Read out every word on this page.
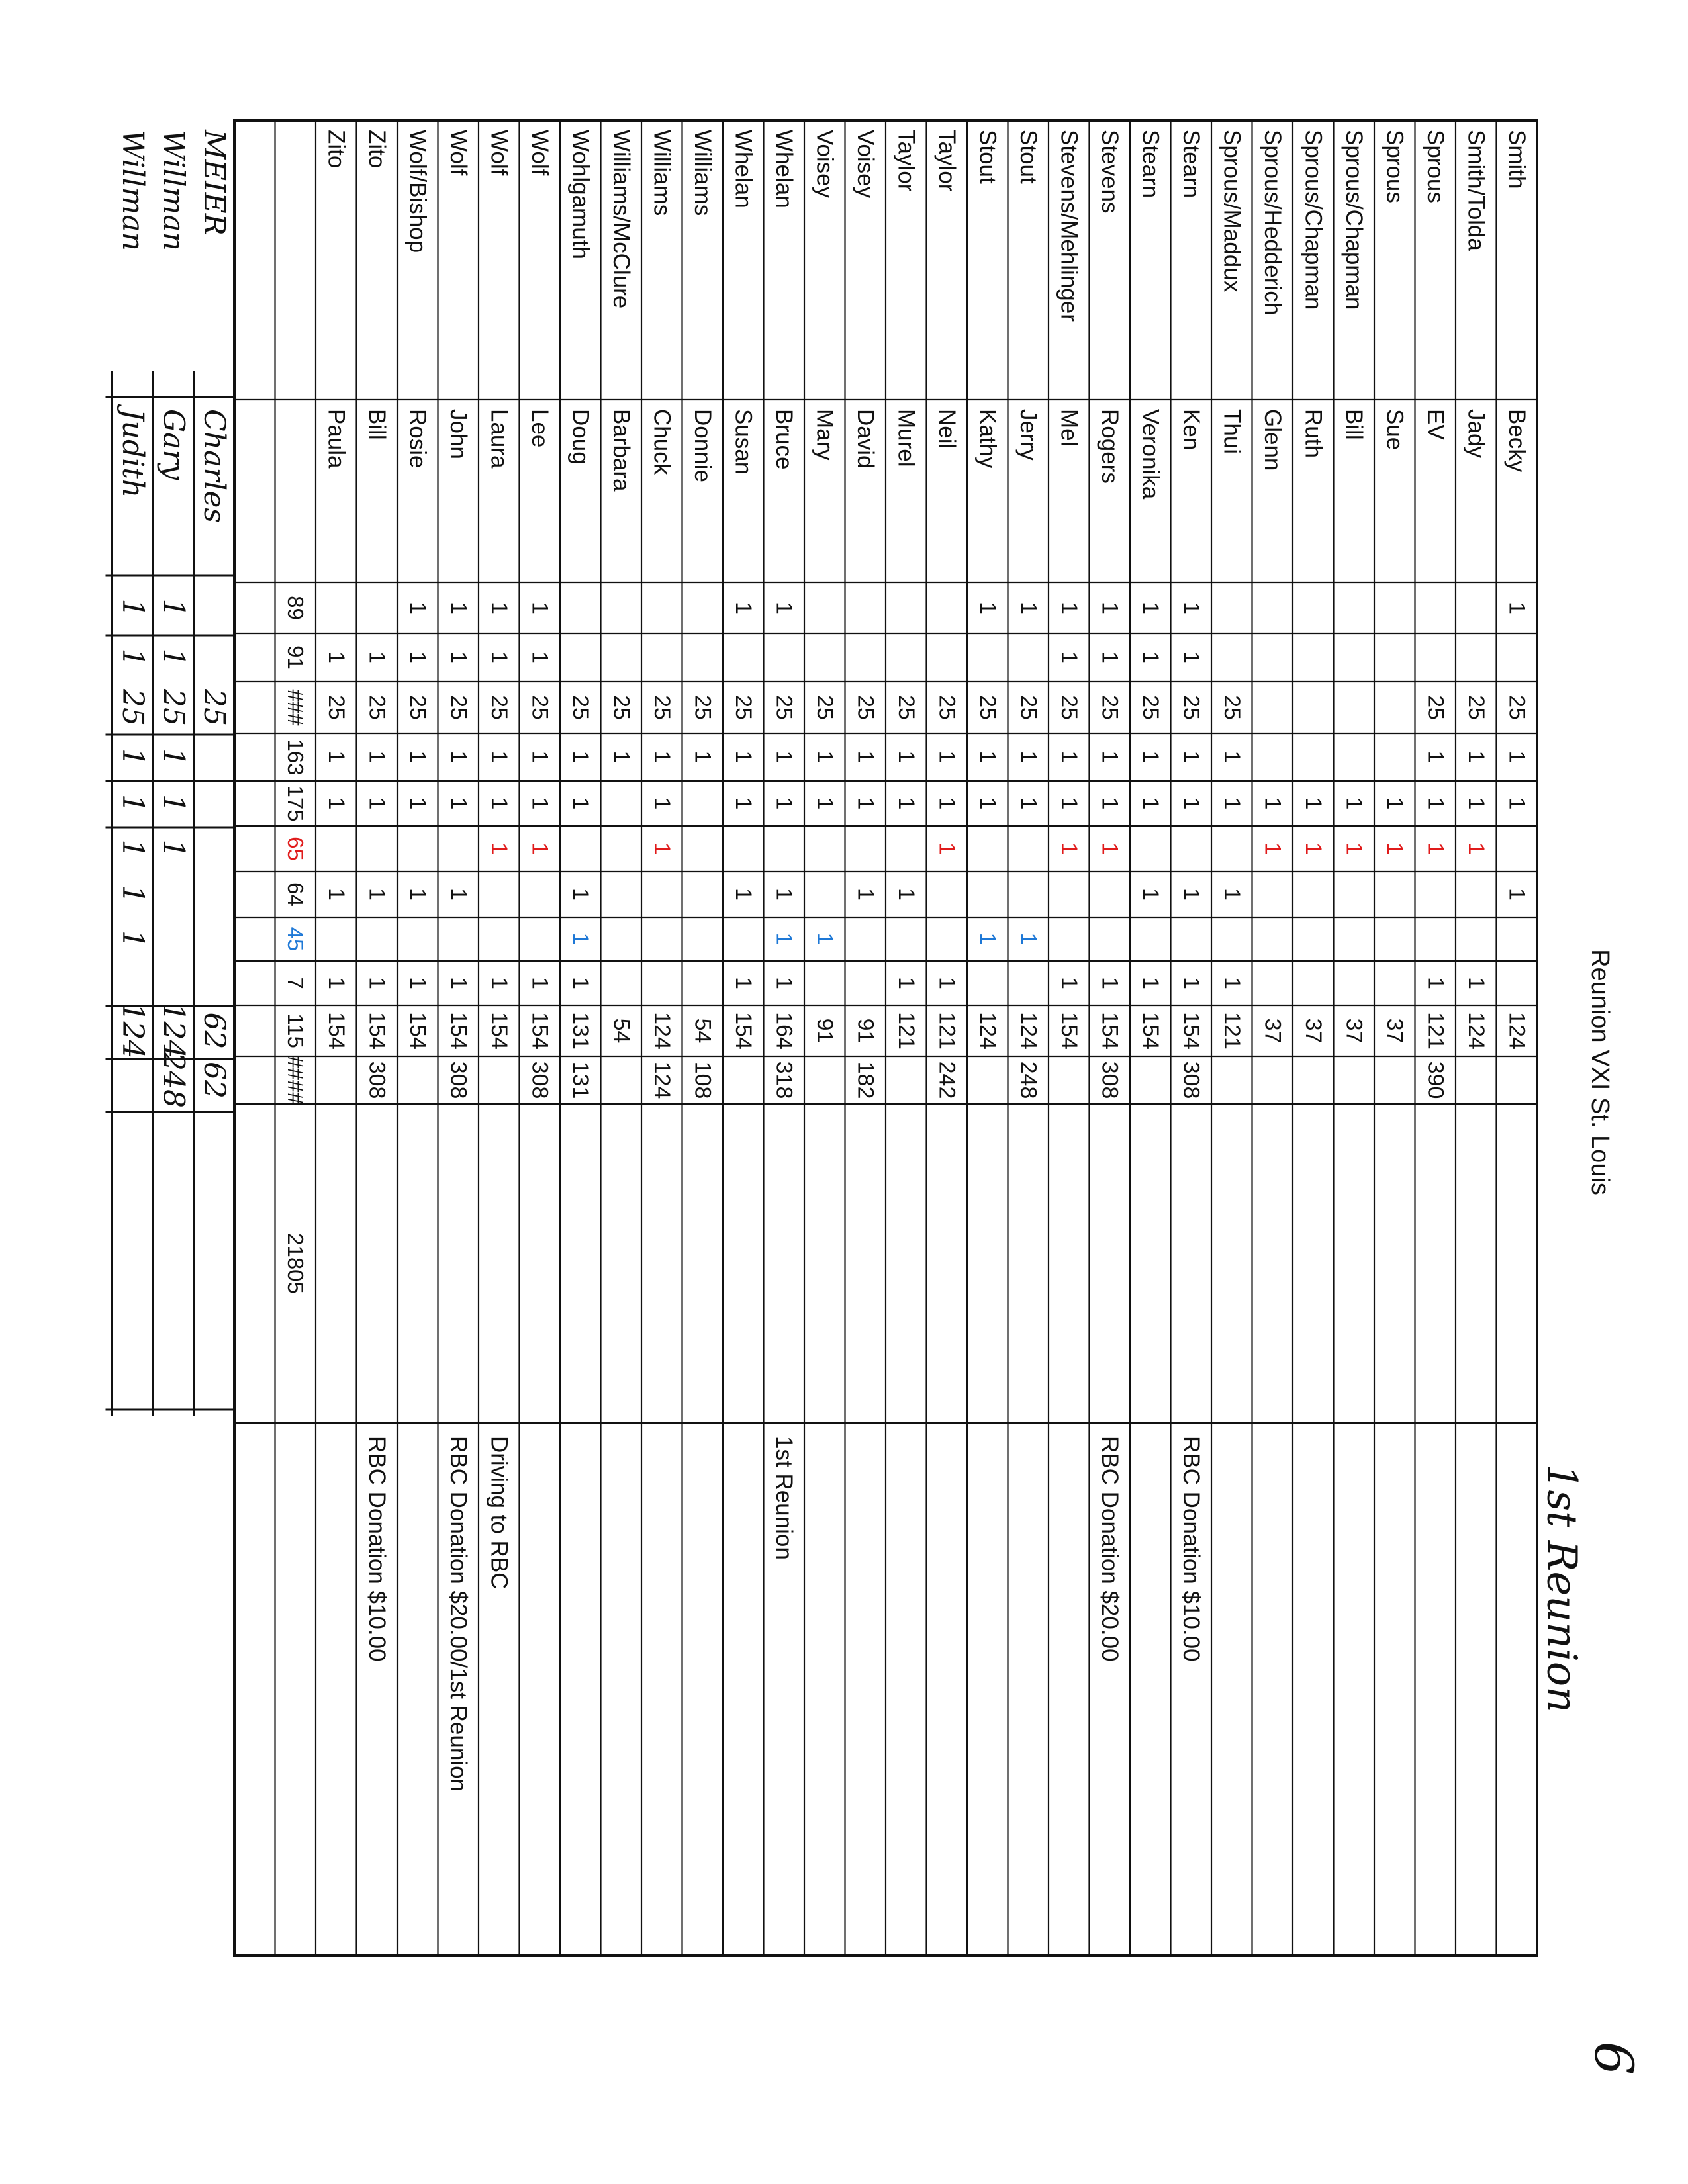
Reunion VXI St. Louis
6
Smith
Becky
1
25
1
1
1
124
Smith/Tolda
Jady
25
1
1
1
1
124
Sprous
EV
25
1
1
1
1
121
390
Sprous
Sue
1
1
37
Sprous/Chapman
Bill
1
1
37
Sprous/Chapman
Ruth
1
1
37
Sprous/Hedderich
Glenn
1
1
37
Sprous/Maddux
Thui
25
1
1
1
1
121
Stearn
Ken
1
1
25
1
1
1
1
154
308
RBC Donation $10.00
Stearn
Veronika
1
1
25
1
1
1
1
154
Stevens
Rogers
1
1
25
1
1
1
1
154
308
RBC Donation $20.00
Stevens/Mehlinger
Mel
1
1
25
1
1
1
1
154
Stout
Jerry
1
25
1
1
1
124
248
Stout
Kathy
1
25
1
1
1
124
Taylor
Neil
25
1
1
1
1
121
242
Taylor
Murel
25
1
1
1
1
121
Voisey
David
25
1
1
1
91
182
Voisey
Mary
25
1
1
1
91
Whelan
Bruce
1
25
1
1
1
1
1
164
318
1st Reunion
Whelan
Susan
1
25
1
1
1
1
154
Williams
Donnie
25
1
54
108
Williams
Chuck
25
1
1
1
124
124
Williams/McClure
Barbara
25
1
54
Wohlgamuth
Doug
25
1
1
1
1
1
131
131
Wolf
Lee
1
1
25
1
1
1
1
154
308
Wolf
Laura
1
1
25
1
1
1
1
154
Driving to RBC
Wolf
John
1
1
25
1
1
1
1
154
308
RBC Donation $20.00/1st Reunion
Wolf/Bishop
Rosie
1
1
25
1
1
1
1
154
Zito
Bill
1
25
1
1
1
1
154
308
RBC Donation $10.00
Zito
Paula
1
25
1
1
1
1
154
89
91
###
163
175
65
64
45
7
115
####
21805
MEIER
Charles
25
62
62
Willman
Gary
1
1
25
1
1
1
124
248
Willman
Judith
1
1
25
1
1
1
1
1
124
1st Reunion
